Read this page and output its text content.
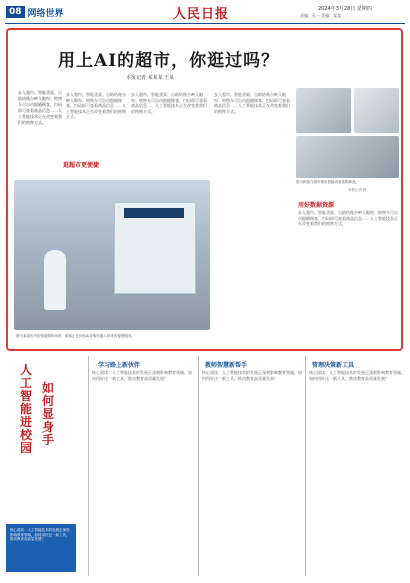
08 网络世界	人民日报	2024年3月28日 星期四
责编：孔一 美编：某某
用上AI的超市，你逛过吗？
本报记者 某某某 王某
步入超市，智能货架、自助结账台映入眼帘；购物车可自动跟随顾客，扫码即可查看商品信息……人工智能技术正在改变着我们的购物方式。
逛超市更便捷
步入超市，智能货架、自助结账台映入眼帘；购物车可自动跟随顾客，扫码即可查看商品信息……人工智能技术正在改变着我们的购物方式。
步入超市，智能货架、自助结账台映入眼帘；购物车可自动跟随顾客，扫码即可查看商品信息……人工智能技术正在改变着我们的购物方式。
步入超市，智能货架、自助结账台映入眼帘；购物车可自动跟随顾客，扫码即可查看商品信息……人工智能技术正在改变着我们的购物方式。
图为某超市内的智能购物场景，顾客正在体验AI导购机器人带来的便捷服务。
图为顾客在超市使用智能设备选购商品。
本报记者 摄
用好数据资源
步入超市，智能货架、自助结账台映入眼帘；购物车可自动跟随顾客，扫码即可查看商品信息……人工智能技术正在改变着我们的购物方式。
人工智能
如何显身手
进校园
学习路上新伙伴	教师智慧新帮手	管理决策新工具
核心阅读：人工智能技术的发展正深刻影响教育领域，如何用好这一新工具，推动教育高质量发展？
核心阅读：人工智能技术的发展正深刻影响教育领域，如何用好这一新工具，推动教育高质量发展？
核心阅读：人工智能技术的发展正深刻影响教育领域，如何用好这一新工具，推动教育高质量发展？
核心阅读：人工智能技术的发展正深刻影响教育领域，如何用好这一新工具，推动教育高质量发展？
